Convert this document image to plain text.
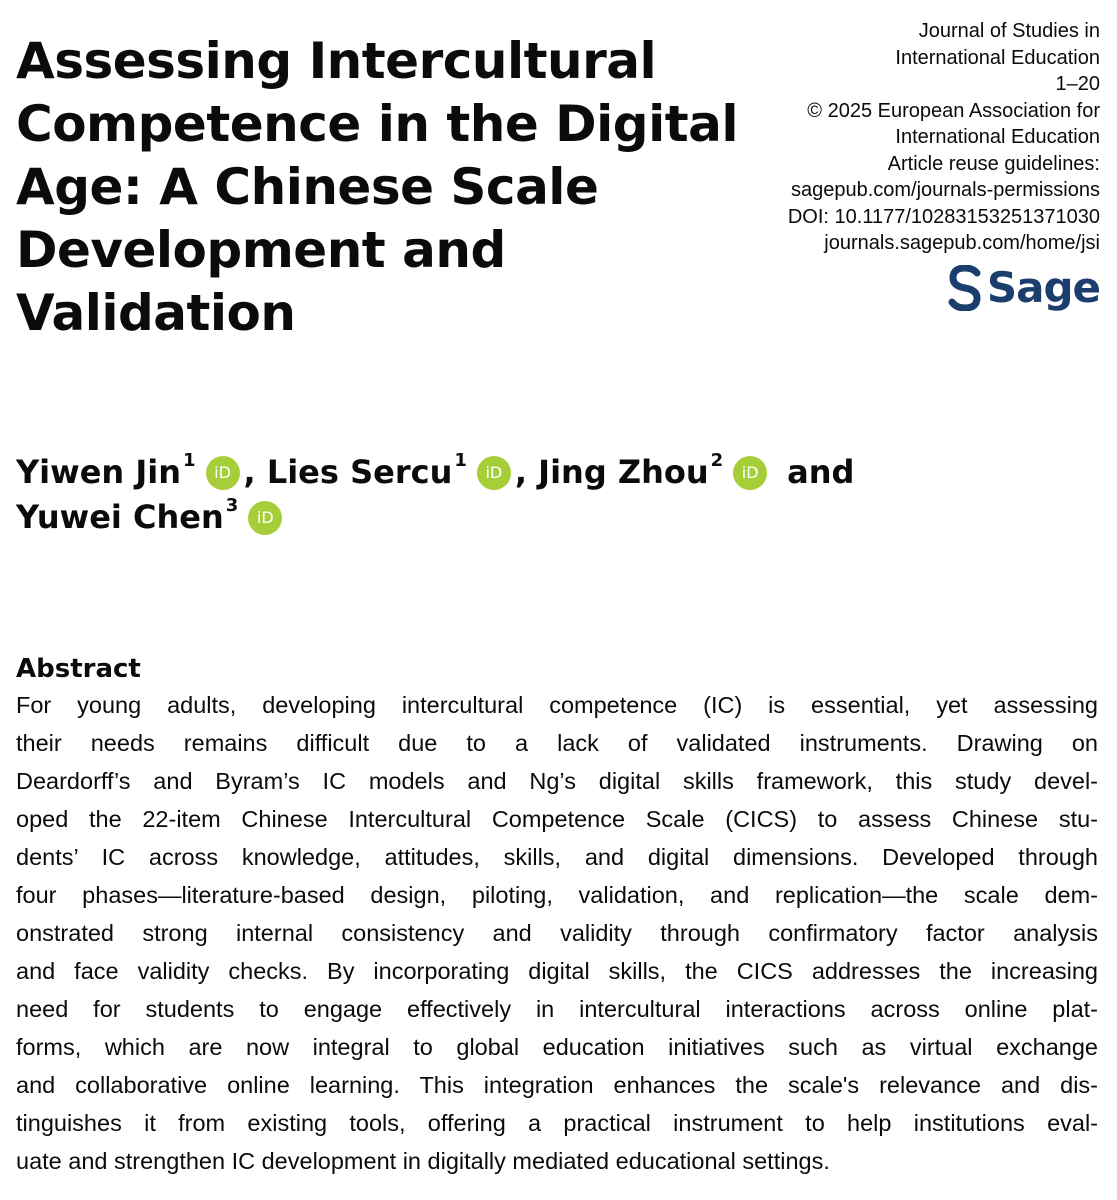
Assessing Intercultural
Competence in the Digital
Age: A Chinese Scale
Development and
Validation
Journal of Studies in
International Education
1–20
© 2025 European Association for
International Education
Article reuse guidelines:
sagepub.com/journals-permissions
DOI: 10.1177/10283153251371030
journals.sagepub.com/home/jsi
Sage
Yiwen Jin$^1$
iD ,
Lies Sercu$^1$
iD ,
Jing Zhou$^2$
iD and
Yuwei Chen$^3$
iD
Abstract
For young adults, developing intercultural competence (IC) is essential, yet assessing
their needs remains difficult due to a lack of validated instruments. Drawing on
Deardorff’s and Byram’s IC models and Ng’s digital skills framework, this study devel-
oped the 22-item Chinese Intercultural Competence Scale (CICS) to assess Chinese stu-
dents’ IC across knowledge, attitudes, skills, and digital dimensions. Developed through
four phases—literature-based design, piloting, validation, and replication—the scale dem-
onstrated strong internal consistency and validity through confirmatory factor analysis
and face validity checks. By incorporating digital skills, the CICS addresses the increasing
need for students to engage effectively in intercultural interactions across online plat-
forms, which are now integral to global education initiatives such as virtual exchange
and collaborative online learning. This integration enhances the scale's relevance and dis-
tinguishes it from existing tools, offering a practical instrument to help institutions eval-
uate and strengthen IC development in digitally mediated educational settings.
